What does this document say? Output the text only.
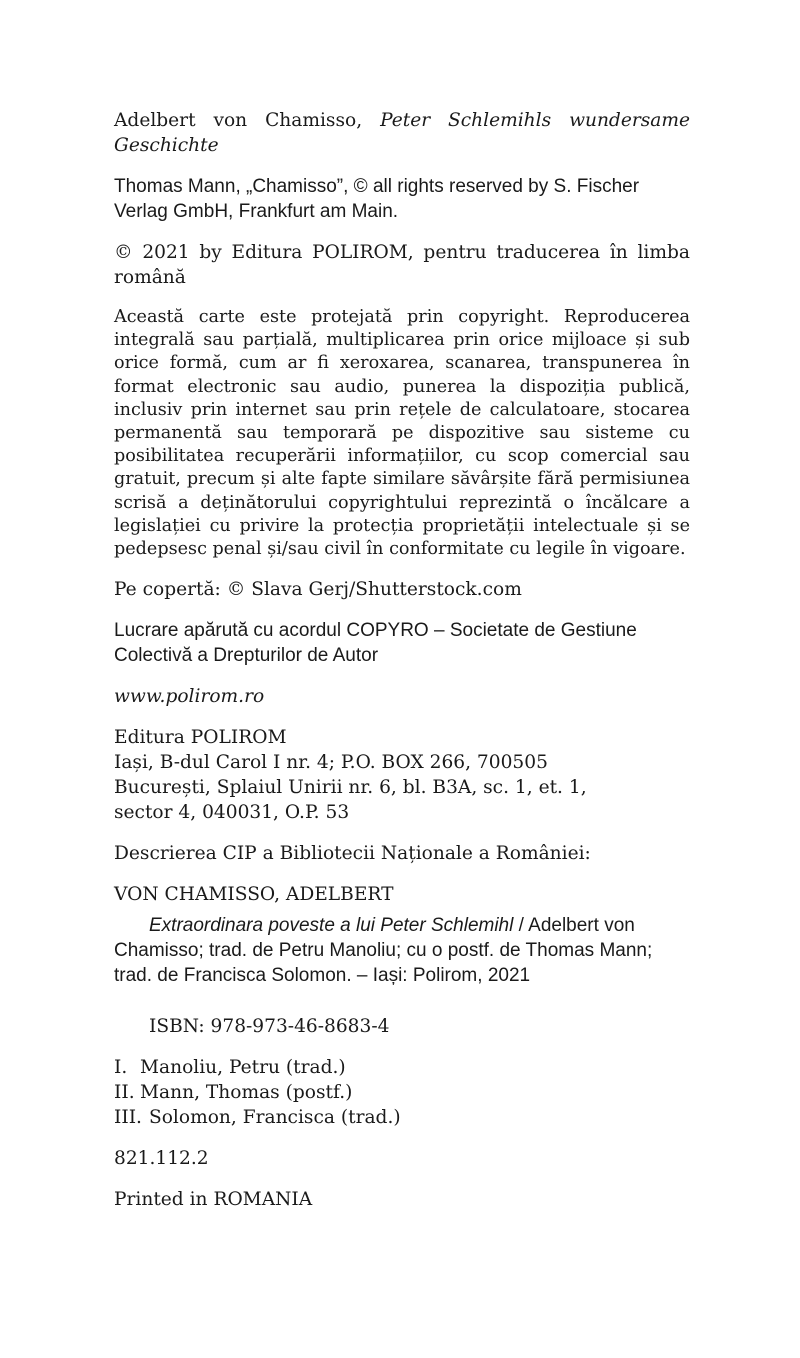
Adelbert von Chamisso, Peter Schlemihls wundersame Geschichte

Thomas Mann, „Chamisso”, © all rights reserved by S. Fischer Verlag GmbH, Frankfurt am Main.

© 2021 by Editura POLIROM, pentru traducerea în limba română

Această carte este protejată prin copyright. Reproducerea integrală sau parțială, multiplicarea prin orice mijloace și sub orice formă, cum ar fi xeroxarea, scanarea, transpunerea în format electronic sau audio, punerea la dispoziția publică, inclusiv prin internet sau prin rețele de calculatoare, stocarea permanentă sau temporară pe dispozitive sau sisteme cu posibilitatea recuperării informațiilor, cu scop comercial sau gratuit, precum și alte fapte similare săvârșite fără permisiunea scrisă a deținătorului copyrightului reprezintă o încălcare a legislației cu privire la protecția proprietății intelectuale și se pedepsesc penal și/sau civil în conformitate cu legile în vigoare.

Pe copertă: © Slava Gerj/Shutterstock.com

Lucrare apărută cu acordul COPYRO – Societate de Gestiune Colectivă a Drepturilor de Autor

www.polirom.ro

Editura POLIROM

Iași, B-dul Carol I nr. 4; P.O. BOX 266, 700505

București, Splaiul Unirii nr. 6, bl. B3A, sc. 1, et. 1,

sector 4, 040031, O.P. 53

Descrierea CIP a Bibliotecii Naționale a României:

VON CHAMISSO, ADELBERT

Extraordinara poveste a lui Peter Schlemihl / Adelbert von Chamisso; trad. de Petru Manoliu; cu o postf. de Thomas Mann; trad. de Francisca Solomon. – Iași: Polirom, 2021

ISBN: 978-973-46-8683-4

I. Manoliu, Petru (trad.)
II. Mann, Thomas (postf.)
III. Solomon, Francisca (trad.)

821.112.2

Printed in ROMANIA
